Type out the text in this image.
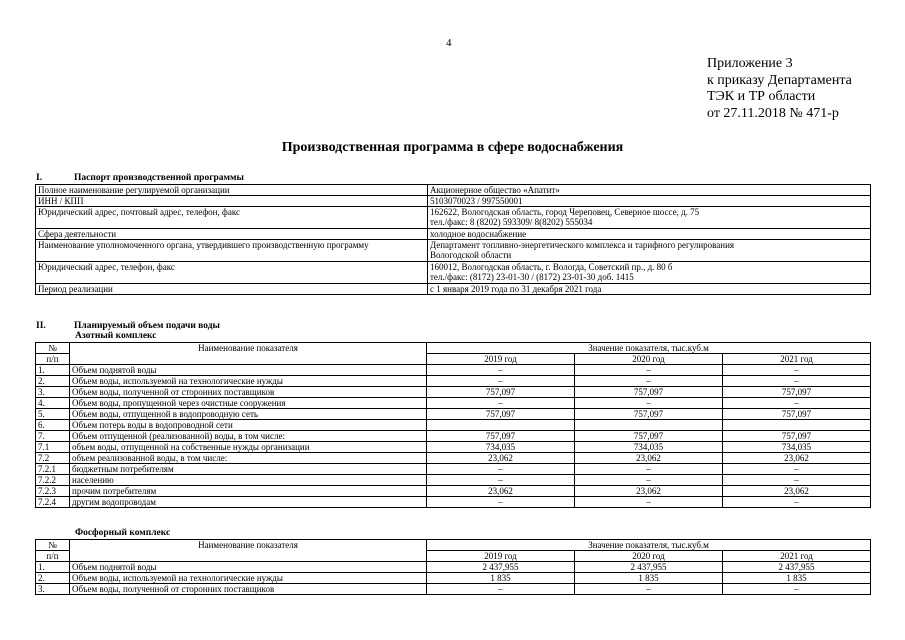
4
Приложение 3
к приказу Департамента
ТЭК и ТР области
от 27.11.2018 № 471-р
Производственная программа в сфере водоснабжения
I.	Паспорт производственной программы
Полное наименование регулируемой организации	Акционерное общество «Апатит»
ИНН / КПП	5103070023 / 997550001
Юридический адрес, почтовый адрес, телефон, факс	162622, Вологодская область, город Череповец, Северное шоссе, д. 75
тел./факс: 8 (8202) 593309/ 8(8202) 555034

Сфера деятельности	холодное водоснабжение
Наименование уполномоченного органа, утвердившего производственную программу	Департамент топливно-энергетического комплекса и тарифного регулирования
Вологодской области

Юридический адрес, телефон, факс	160012, Вологодская область, г. Вологда, Советский пр., д. 80 б
тел./факс: (8172) 23-01-30 / (8172) 23-01-30 доб. 1415

Период реализации	с 1 января 2019 года по 31 декабря 2021 года
II.	Планируемый объем подачи воды
Азотный комплекс
№	Наименование показателя	Значение показателя, тыс.куб.м		
п/п		2019 год	2020 год	2021 год
1.	Объем поднятой воды	–	–	–
2.	Объем воды, используемой на технологические нужды	–	–	–
3.	Объем воды, полученной от сторонних поставщиков	757,097	757,097	757,097
4.	Объем воды, пропущенной через очистные сооружения	–	–	–
5.	Объем воды, отпущенной в водопроводную сеть	757,097	757,097	757,097
6.	Объем потерь воды в водопроводной сети			
7.	Объем отпущенной (реализованной) воды, в том числе:	757,097	757,097	757,097
7.1	объем воды, отпущенной на собственные нужды организации	734,035	734,035	734,035
7.2	объем реализованной воды, в том числе:	23,062	23,062	23,062
7.2.1	бюджетным потребителям	–	–	–
7.2.2	населению	–	–	–
7.2.3	прочим потребителям	23,062	23,062	23,062
7.2.4	другим водопроводам	–	–	–
Фосфорный комплекс
№	Наименование показателя	Значение показателя, тыс.куб.м		
п/п		2019 год	2020 год	2021 год
1.	Объем поднятой воды	2 437,955	2 437,955	2 437,955
2.	Объем воды, используемой на технологические нужды	1 835	1 835	1 835
3.	Объем воды, полученной от сторонних поставщиков	–	–	–
